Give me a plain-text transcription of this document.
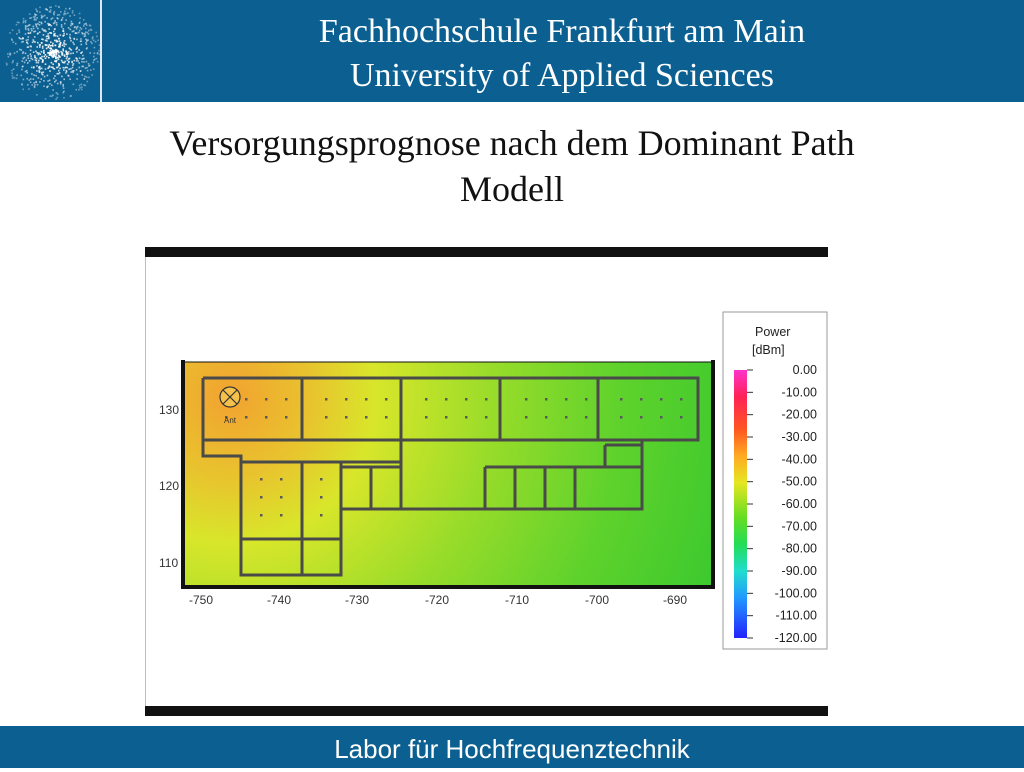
Fachhochschule Frankfurt am Main
University of Applied Sciences
Versorgungsprognose nach dem Dominant Path
Modell
Ant
-750	-740	-730	-720	-710	-700	-690
130
120
110
Power
[dBm]
0.00
-10.00
-20.00
-30.00
-40.00
-50.00
-60.00
-70.00
-80.00
-90.00
-100.00
-110.00
-120.00
Labor für Hochfrequenztechnik
